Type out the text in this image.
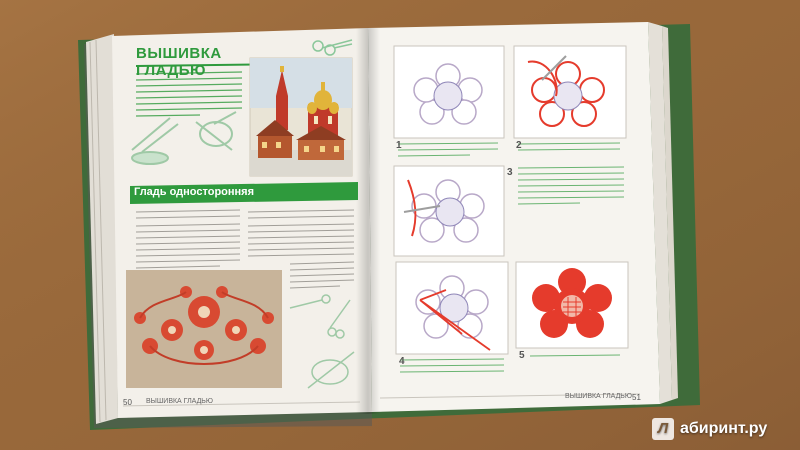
ВЫШИВКА ГЛАДЬЮ
Гладь односторонняя
50 ВЫШИВКА ГЛАДЬЮ
ВЫШИВКА ГЛАДЬЮ 51
1	2
3
4
5
Л абиринт.ру
